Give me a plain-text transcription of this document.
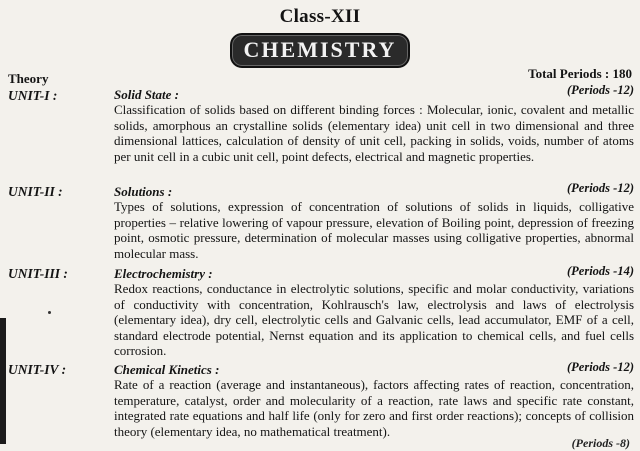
Class-XII
CHEMISTRY
Theory	Total Periods : 180
UNIT-I :	Solid State :	(Periods -12)

Classification of solids based on different binding forces : Molecular, ionic, covalent and metallic solids, amorphous an crystalline solids (elementary idea) unit cell in two dimensional and three dimensional lattices, calculation of density of unit cell, packing in solids, voids, number of atoms per unit cell in a cubic unit cell, point defects, electrical and magnetic properties.

UNIT-II :	Solutions :	(Periods -12)

Types of solutions, expression of concentration of solutions of solids in liquids, colligative properties – relative lowering of vapour pressure, elevation of Boiling point, depression of freezing point, osmotic pressure, determination of molecular masses using colligative properties, abnormal molecular mass.

UNIT-III :	Electrochemistry :	(Periods -14)

Redox reactions, conductance in electrolytic solutions, specific and molar conductivity, variations of conductivity with concentration, Kohlrausch's law, electrolysis and laws of electrolysis (elementary idea), dry cell, electrolytic cells and Galvanic cells, lead accumulator, EMF of a cell, standard electrode potential, Nernst equation and its application to chemical cells, and fuel cells corrosion.

UNIT-IV :	Chemical Kinetics :	(Periods -12)

Rate of a reaction (average and instantaneous), factors affecting rates of reaction, concentration, temperature, catalyst, order and molecularity of a reaction, rate laws and specific rate constant, integrated rate equations and half life (only for zero and first order reactions); concepts of collision theory (elementary idea, no mathematical treatment).

(Periods -8)
